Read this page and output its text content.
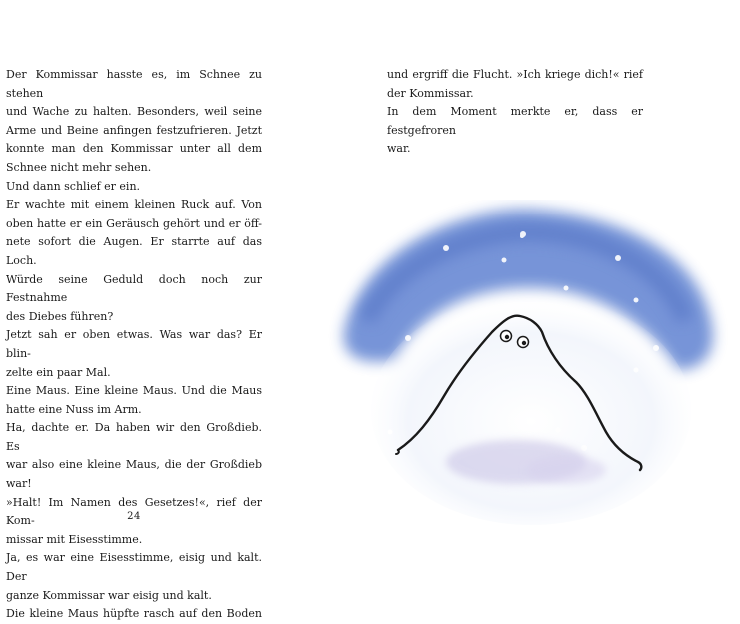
Der Kommissar hasste es, im Schnee zu stehen
und Wache zu halten. Besonders, weil seine
Arme und Beine anfingen festzufrieren. Jetzt
konnte man den Kommissar unter all dem
Schnee nicht mehr sehen.
Und dann schlief er ein.
Er wachte mit einem kleinen Ruck auf. Von
oben hatte er ein Geräusch gehört und er öff-
nete sofort die Augen. Er starrte auf das Loch.
Würde seine Geduld doch noch zur Festnahme
des Diebes führen?
Jetzt sah er oben etwas. Was war das? Er blin-
zelte ein paar Mal.
Eine Maus. Eine kleine Maus. Und die Maus
hatte eine Nuss im Arm.
Ha, dachte er. Da haben wir den Großdieb. Es
war also eine kleine Maus, die der Großdieb
war!
»Halt! Im Namen des Gesetzes!«, rief der Kom-
missar mit Eisesstimme.
Ja, es war eine Eisesstimme, eisig und kalt. Der
ganze Kommissar war eisig und kalt.
Die kleine Maus hüpfte rasch auf den Boden
24
und ergriff die Flucht. »Ich kriege dich!« rief
der Kommissar.
In dem Moment merkte er, dass er festgefroren
war.
